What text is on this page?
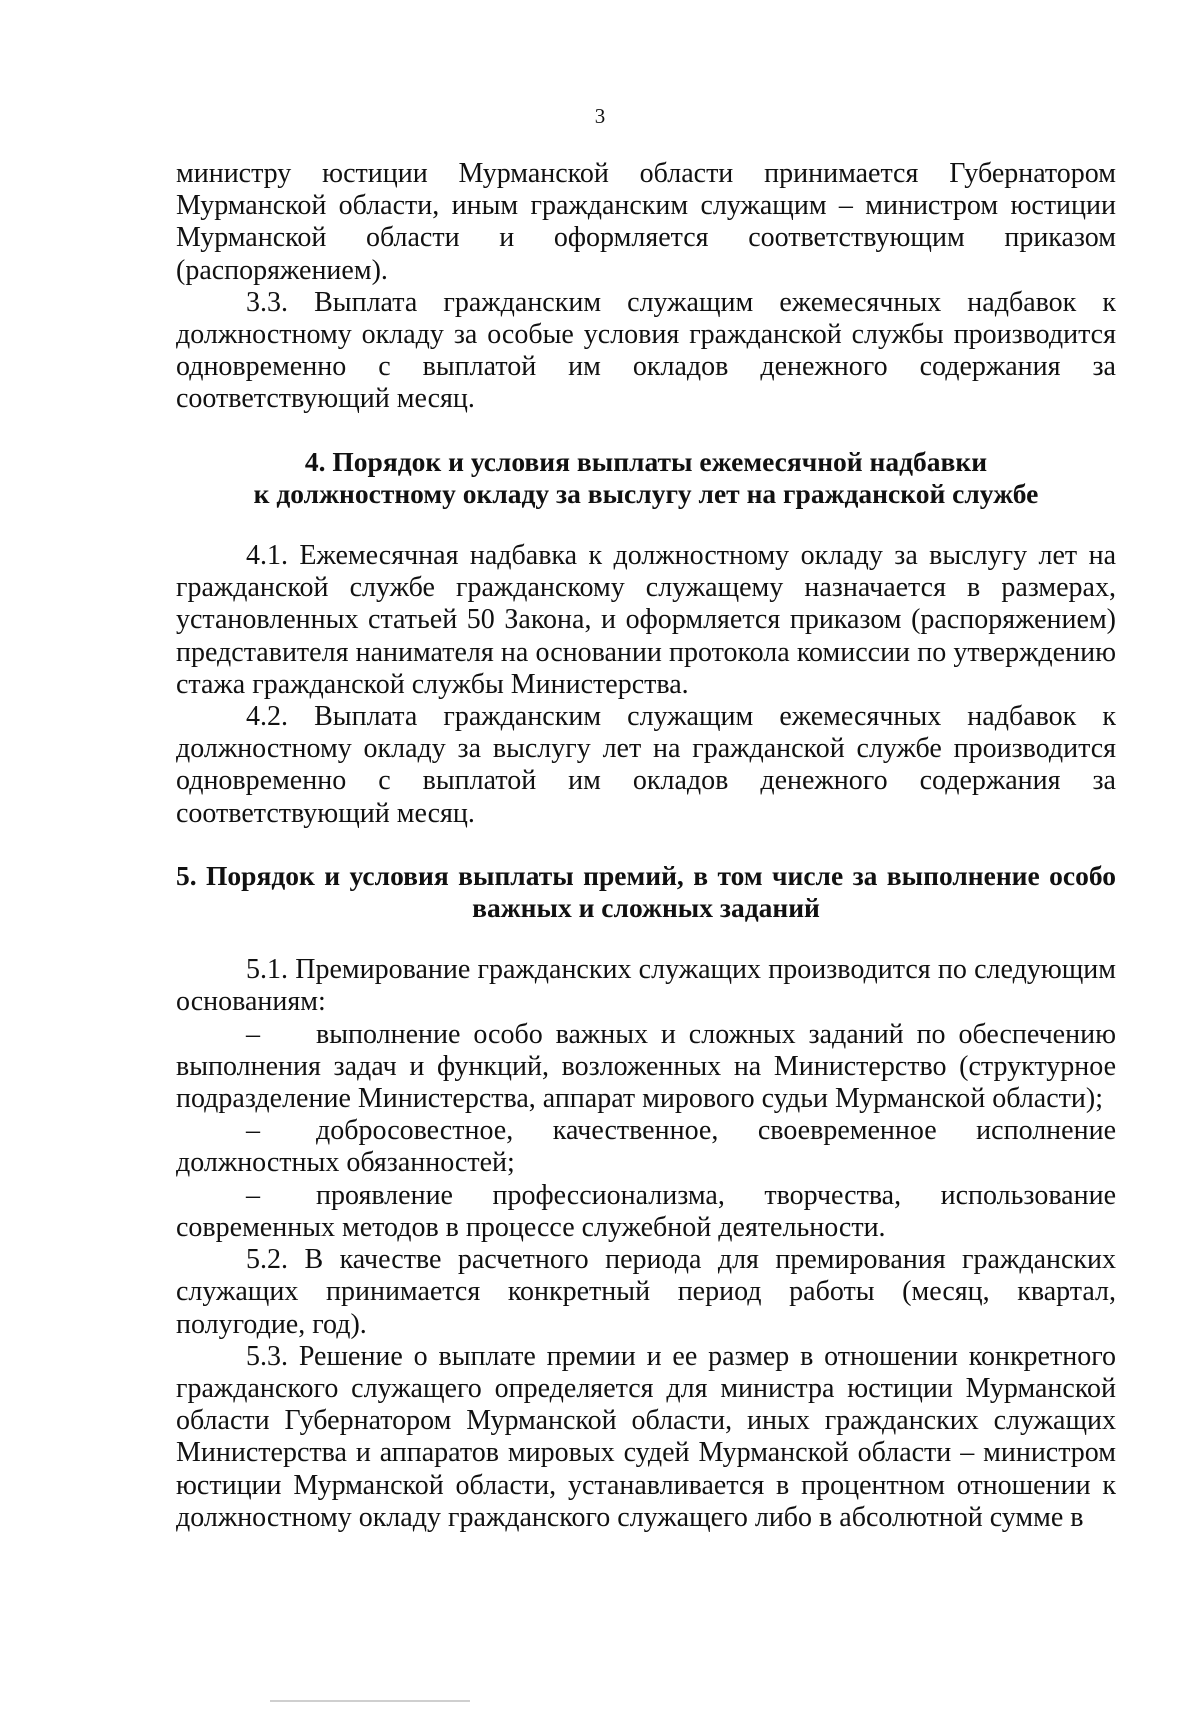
3

министру юстиции Мурманской области принимается Губернатором Мурманской области, иным гражданским служащим – министром юстиции Мурманской области и оформляется соответствующим приказом (распоряжением).

3.3. Выплата гражданским служащим ежемесячных надбавок к должностному окладу за особые условия гражданской службы производится одновременно с выплатой им окладов денежного содержания за соответствующий месяц.

4. Порядок и условия выплаты ежемесячной надбавки

к должностному окладу за выслугу лет на гражданской службе

4.1. Ежемесячная надбавка к должностному окладу за выслугу лет на гражданской службе гражданскому служащему назначается в размерах, установленных статьей 50 Закона, и оформляется приказом (распоряжением) представителя нанимателя на основании протокола комиссии по утверждению стажа гражданской службы Министерства.

4.2. Выплата гражданским служащим ежемесячных надбавок к должностному окладу за выслугу лет на гражданской службе производится одновременно с выплатой им окладов денежного содержания за соответствующий месяц.

5. Порядок и условия выплаты премий, в том числе за выполнение особо важных и сложных заданий

5.1. Премирование гражданских служащих производится по следующим основаниям:

– выполнение особо важных и сложных заданий по обеспечению выполнения задач и функций, возложенных на Министерство (структурное подразделение Министерства, аппарат мирового судьи Мурманской области);

– добросовестное, качественное, своевременное исполнение должностных обязанностей;

– проявление профессионализма, творчества, использование современных методов в процессе служебной деятельности.

5.2. В качестве расчетного периода для премирования гражданских служащих принимается конкретный период работы (месяц, квартал, полугодие, год).

5.3. Решение о выплате премии и ее размер в отношении конкретного гражданского служащего определяется для министра юстиции Мурманской области Губернатором Мурманской области, иных гражданских служащих Министерства и аппаратов мировых судей Мурманской области – министром юстиции Мурманской области, устанавливается в процентном отношении к должностному окладу гражданского служащего либо в абсолютной сумме в
